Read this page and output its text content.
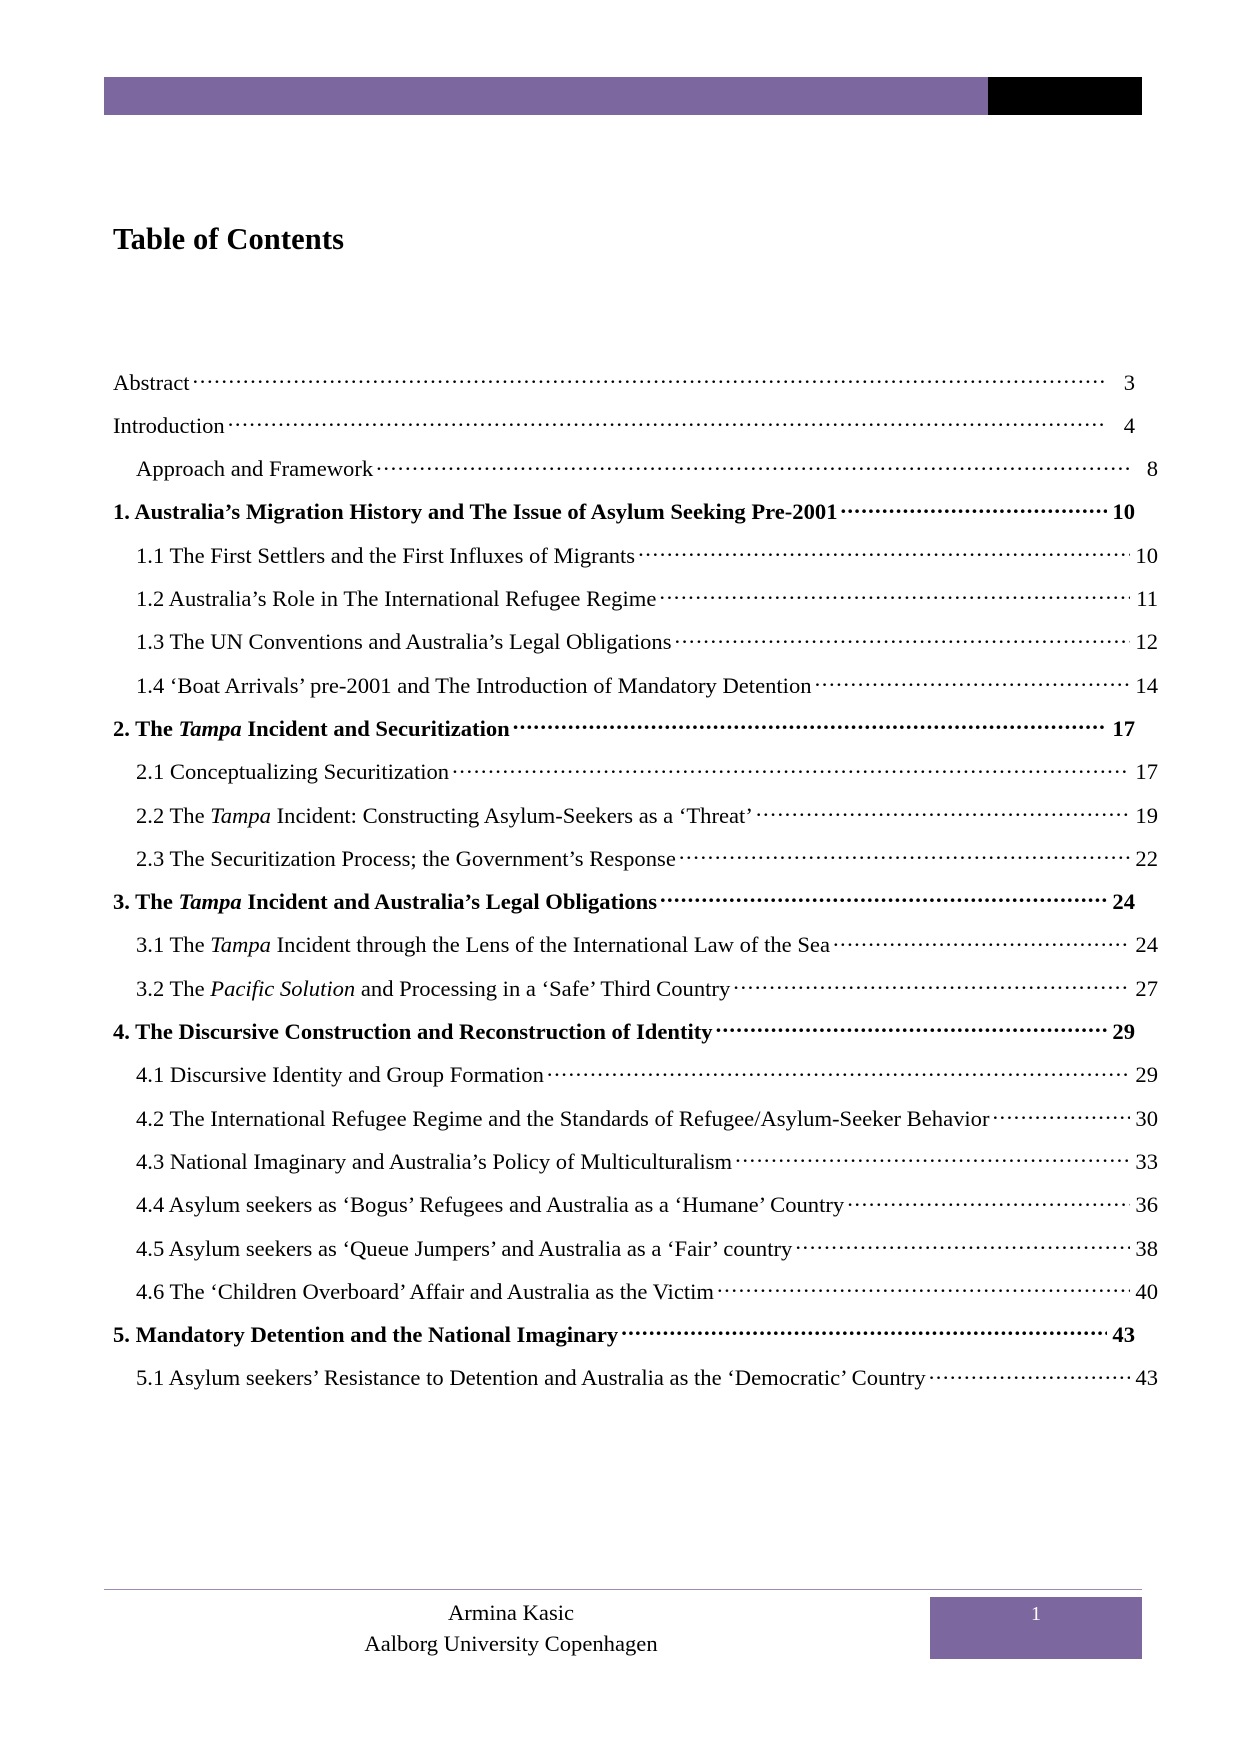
Table of Contents
Abstract .....	3
Introduction .....	4
Approach and Framework .....	8
1. Australia’s Migration History and The Issue of Asylum Seeking Pre-2001 .....	10
1.1 The First Settlers and the First Influxes of Migrants .....	10
1.2 Australia’s Role in The International Refugee Regime .....	11
1.3 The UN Conventions and Australia’s Legal Obligations .....	12
1.4 ‘Boat Arrivals’ pre-2001 and The Introduction of Mandatory Detention .....	14
2. The Tampa Incident and Securitization .....	17
2.1 Conceptualizing Securitization .....	17
2.2 The Tampa Incident: Constructing Asylum-Seekers as a ‘Threat’ .....	19
2.3 The Securitization Process; the Government’s Response .....	22
3. The Tampa Incident and Australia’s Legal Obligations .....	24
3.1 The Tampa Incident through the Lens of the International Law of the Sea .....	24
3.2 The Pacific Solution and Processing in a ‘Safe’ Third Country .....	27
4. The Discursive Construction and Reconstruction of Identity .....	29
4.1 Discursive Identity and Group Formation .....	29
4.2 The International Refugee Regime and the Standards of Refugee/Asylum-Seeker Behavior .....	30
4.3 National Imaginary and Australia’s Policy of Multiculturalism .....	33
4.4 Asylum seekers as ‘Bogus’ Refugees and Australia as a ‘Humane’ Country .....	36
4.5 Asylum seekers as ‘Queue Jumpers’ and Australia as a ‘Fair’ country .....	38
4.6 The ‘Children Overboard’ Affair and Australia as the Victim .....	40
5. Mandatory Detention and the National Imaginary .....	43
5.1 Asylum seekers’ Resistance to Detention and Australia as the ‘Democratic’ Country .....	43
Armina Kasic
Aalborg University Copenhagen
1
